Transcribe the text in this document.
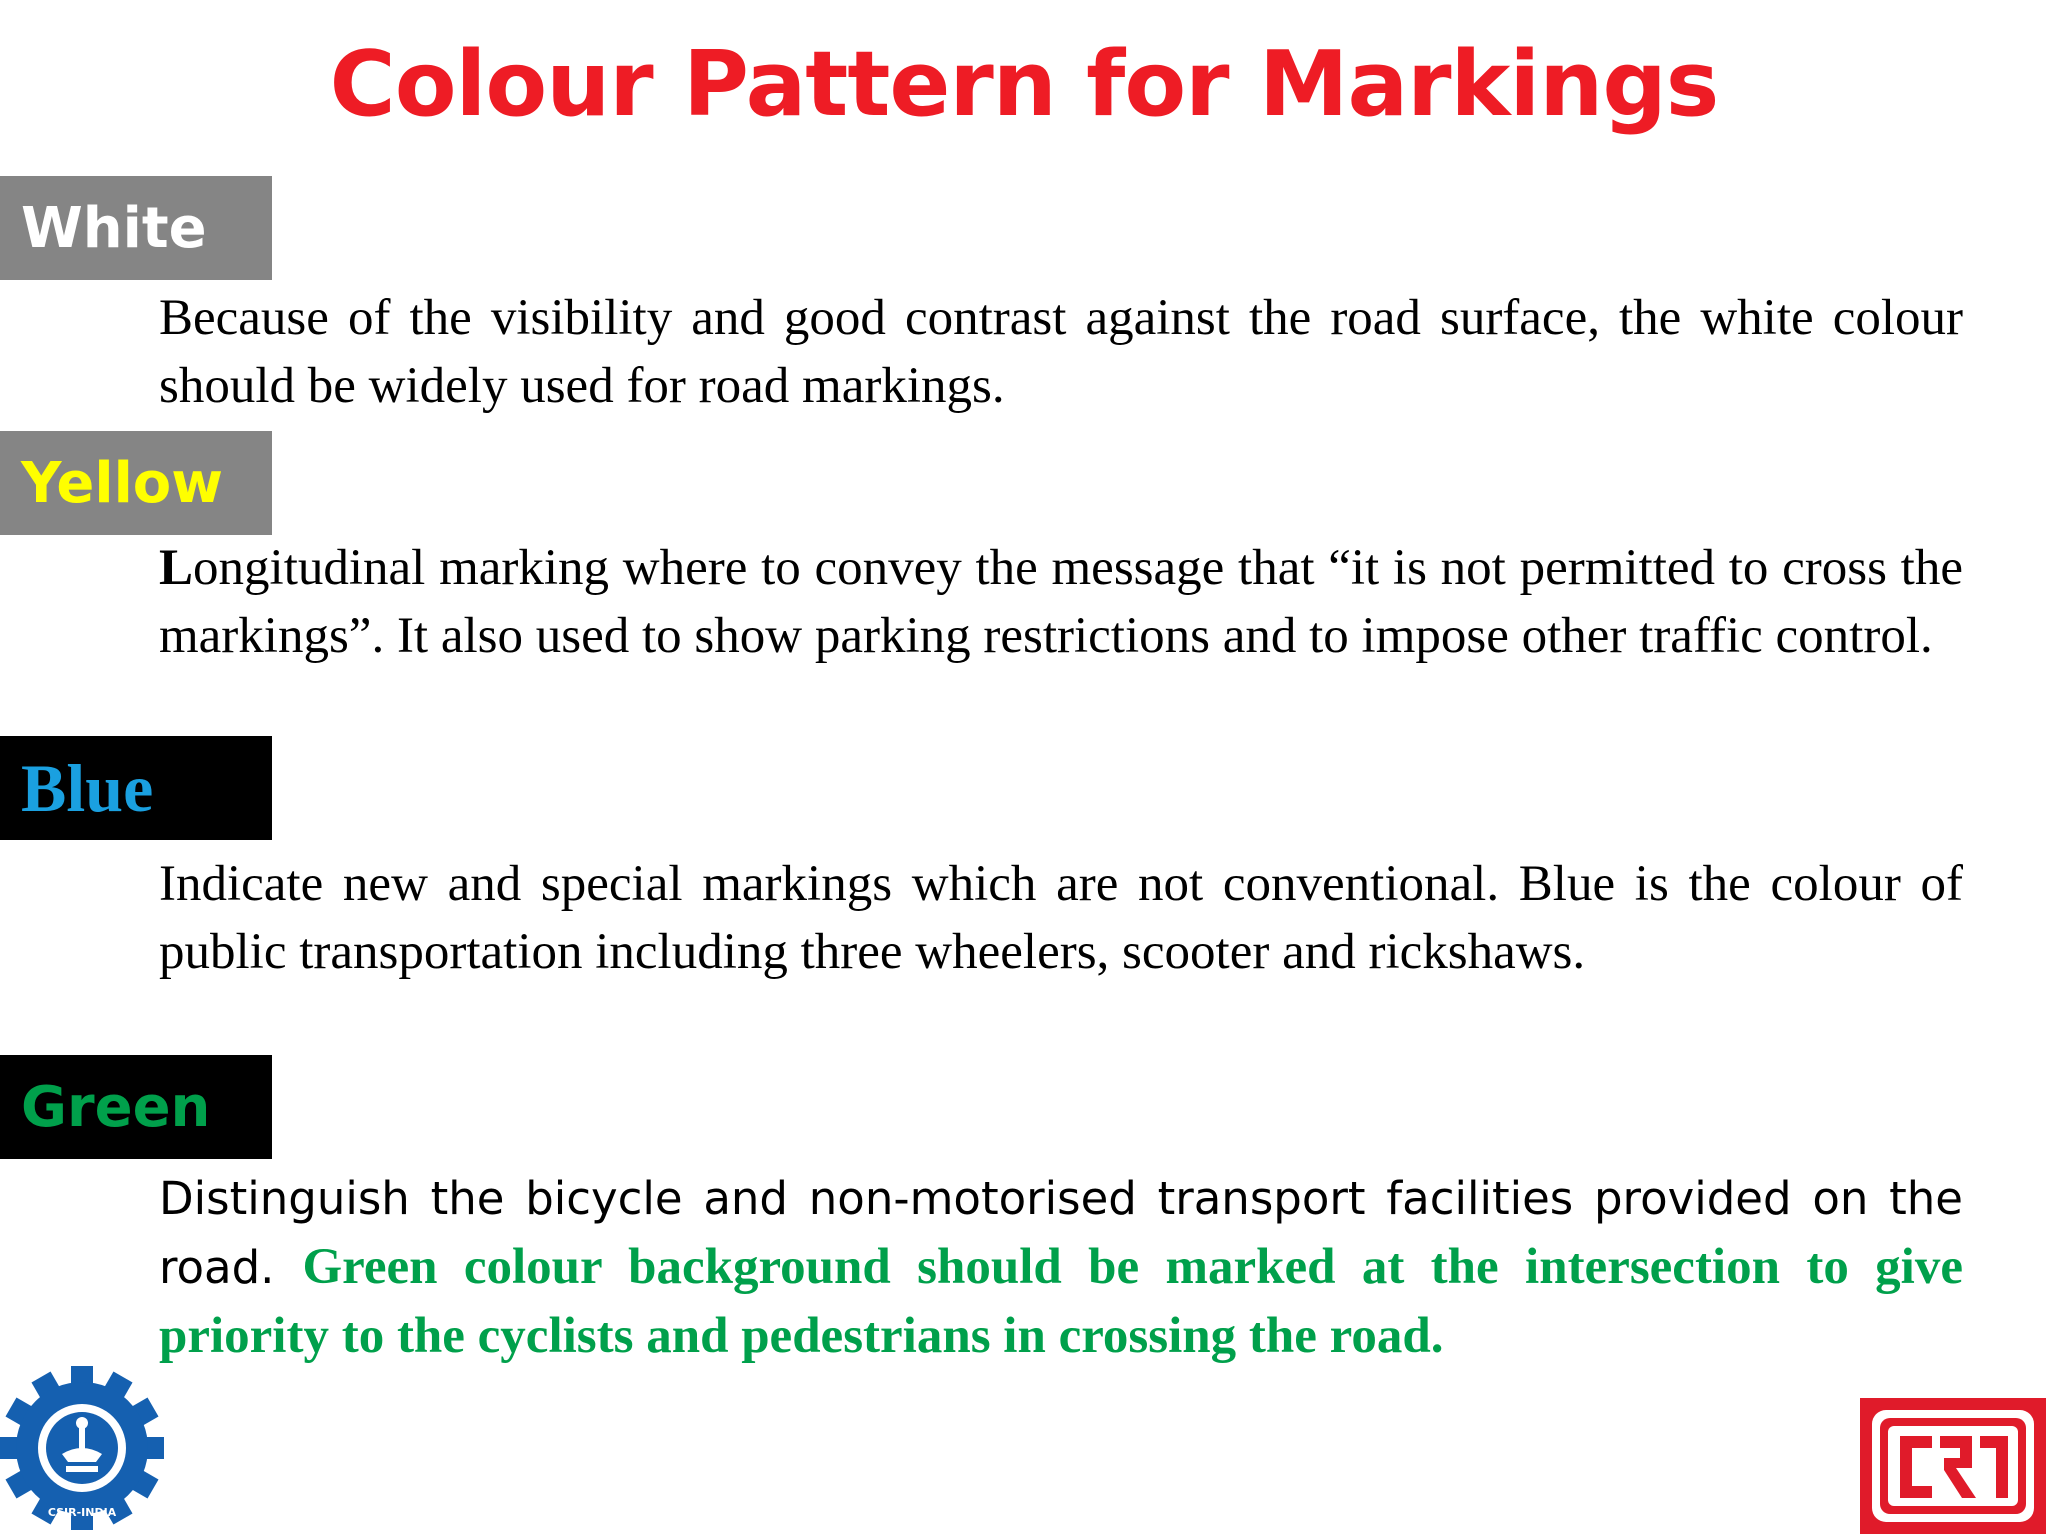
Colour Pattern for Markings
White
Because of the visibility and good contrast against the road surface, the white colour should be widely used for road markings.
Yellow
Longitudinal marking where to convey the message that “it is not permitted to cross the markings”. It also used to show parking restrictions and to impose other traffic control.
Blue
Indicate new and special markings which are not conventional. Blue is the colour of public transportation including three wheelers, scooter and rickshaws.
Green
Distinguish the bicycle and non-motorised transport facilities provided on the road. Green colour background should be marked at the intersection to give priority to the cyclists and pedestrians in crossing the road.
CSIR-INDIA
